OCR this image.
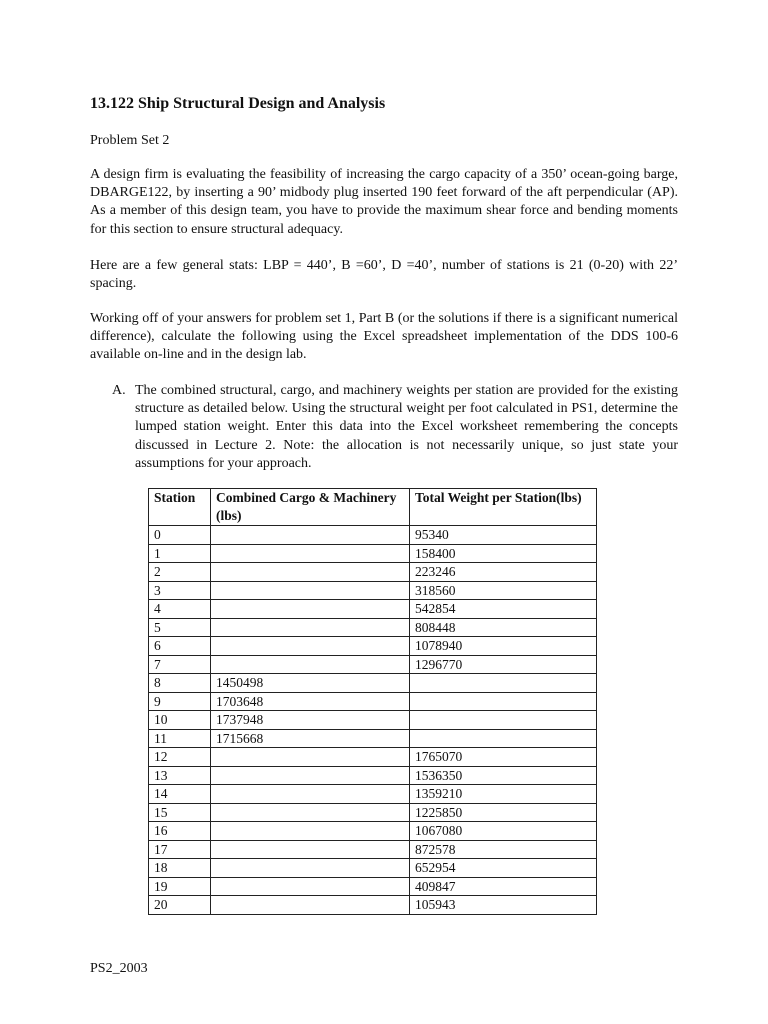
13.122 Ship Structural Design and Analysis

Problem Set 2

A design firm is evaluating the feasibility of increasing the cargo capacity of a 350’ ocean-going barge, DBARGE122, by inserting a 90’ midbody plug inserted 190 feet forward of the aft perpendicular (AP). As a member of this design team, you have to provide the maximum shear force and bending moments for this section to ensure structural adequacy.

Here are a few general stats: LBP = 440’, B =60’, D =40’, number of stations is 21 (0-20) with 22’ spacing.

Working off of your answers for problem set 1, Part B (or the solutions if there is a significant numerical difference), calculate the following using the Excel spreadsheet implementation of the DDS 100-6 available on-line and in the design lab.

A. The combined structural, cargo, and machinery weights per station are provided for the existing structure as detailed below. Using the structural weight per foot calculated in PS1, determine the lumped station weight. Enter this data into the Excel worksheet remembering the concepts discussed in Lecture 2. Note: the allocation is not necessarily unique, so just state your assumptions for your approach.

Station	Combined Cargo & Machinery (lbs)	Total Weight per Station(lbs)
0		95340
1		158400
2		223246
3		318560
4		542854
5		808448
6		1078940
7		1296770
8	1450498	
9	1703648	
10	1737948	
11	1715668	
12		1765070
13		1536350
14		1359210
15		1225850
16		1067080
17		872578
18		652954
19		409847
20		105943

PS2_2003
